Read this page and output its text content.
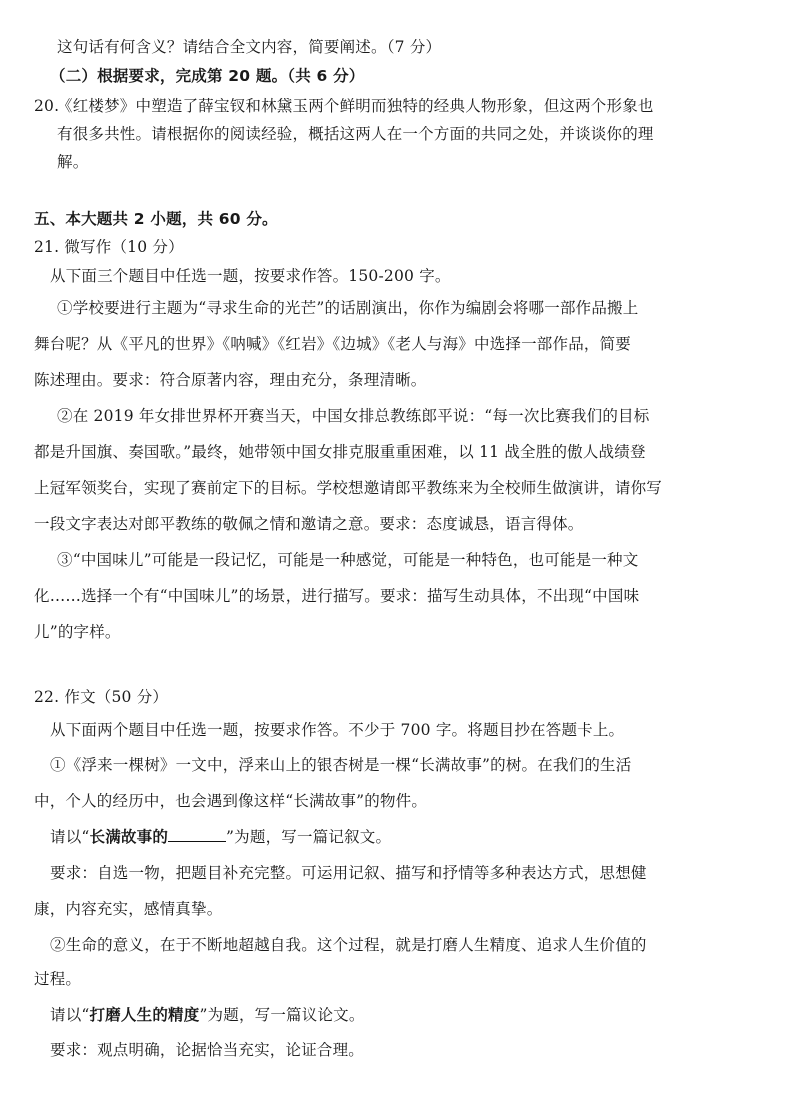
这句话有何含义？请结合全文内容，简要阐述。（7 分）
（二）根据要求，完成第 20 题。（共 6 分）
20.
《红楼梦》中塑造了薛宝钗和林黛玉两个鲜明而独特的经典人物形象，但这两个形象也
有很多共性。请根据你的阅读经验，概括这两人在一个方面的共同之处，并谈谈你的理
解。
五、本大题共 2 小题，共 60 分。
21. 微写作（10 分）
从下面三个题目中任选一题，按要求作答。150-200 字。
①学校要进行主题为“寻求生命的光芒”的话剧演出，你作为编剧会将哪一部作品搬上
舞台呢？从《平凡的世界》《呐喊》《红岩》《边城》《老人与海》中选择一部作品，简要
陈述理由。要求：符合原著内容，理由充分，条理清晰。
②在 2019 年女排世界杯开赛当天，中国女排总教练郎平说：“每一次比赛我们的目标
都是升国旗、奏国歌。”最终，她带领中国女排克服重重困难，以 11 战全胜的傲人战绩登
上冠军领奖台，实现了赛前定下的目标。学校想邀请郎平教练来为全校师生做演讲，请你写
一段文字表达对郎平教练的敬佩之情和邀请之意。要求：态度诚恳，语言得体。
③“中国味儿”可能是一段记忆，可能是一种感觉，可能是一种特色，也可能是一种文
化……选择一个有“中国味儿”的场景，进行描写。要求：描写生动具体，不出现“中国味
儿”的字样。
22. 作文（50 分）
从下面两个题目中任选一题，按要求作答。不少于 700 字。将题目抄在答题卡上。
①《浮来一棵树》一文中，浮来山上的银杏树是一棵“长满故事”的树。在我们的生活
中，个人的经历中，也会遇到像这样“长满故事”的物件。
请以“长满故事的	”为题，写一篇记叙文。
要求：自选一物，把题目补充完整。可运用记叙、描写和抒情等多种表达方式，思想健
康，内容充实，感情真挚。
②生命的意义，在于不断地超越自我。这个过程，就是打磨人生精度、追求人生价值的
过程。
请以“打磨人生的精度”为题，写一篇议论文。
要求：观点明确，论据恰当充实，论证合理。
